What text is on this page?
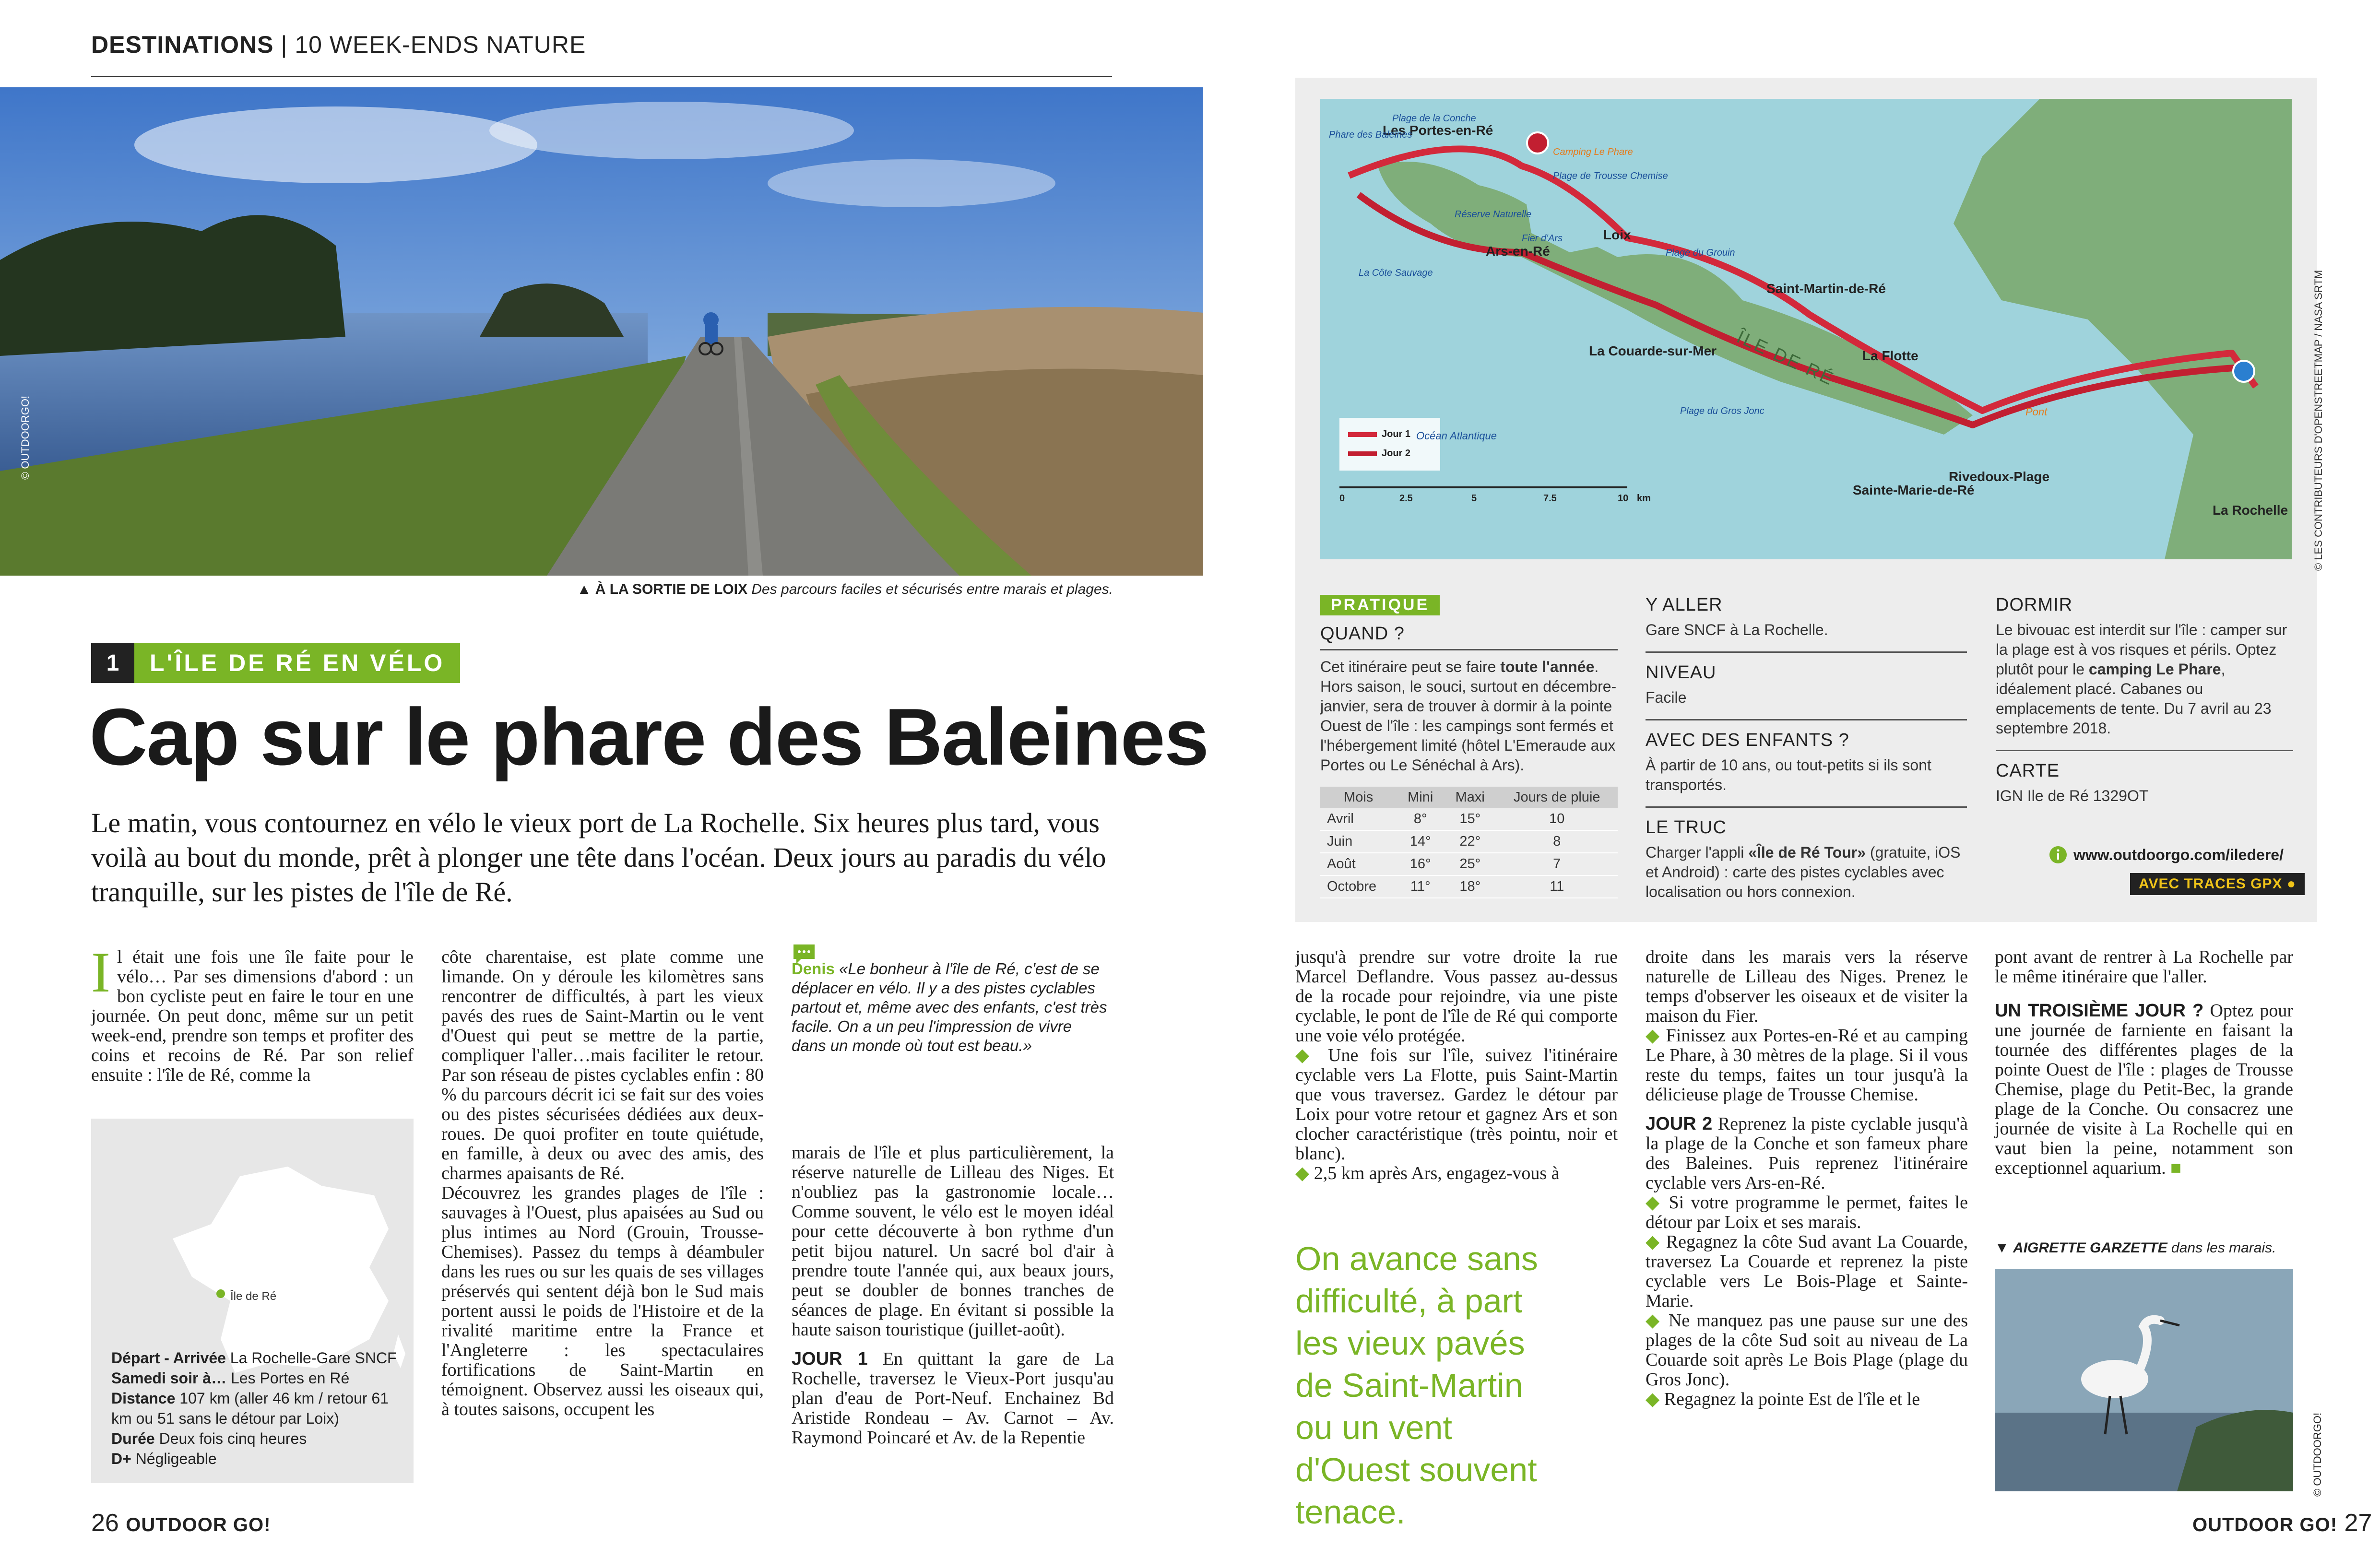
DESTINATIONS | 10 WEEK-ENDS NATURE
© OUTDOORGO!
▲ À LA SORTIE DE LOIX Des parcours faciles et sécurisés entre marais et plages.
1	L'ÎLE DE RÉ EN VÉLO
Cap sur le phare des Baleines
Le matin, vous contournez en vélo le vieux port de La Rochelle. Six heures plus tard, vous voilà au bout du monde, prêt à plonger une tête dans l'océan. Deux jours au paradis du vélo tranquille, sur les pistes de l'île de Ré.

Il était une fois une île faite pour le vélo… Par ses dimensions d'abord : un bon cycliste peut en faire le tour en une journée. On peut donc, même sur un petit week-end, prendre son temps et profiter des coins et recoins de Ré. Par son relief ensuite : l'île de Ré, comme la

Île de Ré
Départ - Arrivée La Rochelle-Gare SNCF
Samedi soir à… Les Portes en Ré
Distance 107 km (aller 46 km / retour 61 km ou 51 sans le détour par Loix)
Durée Deux fois cinq heures
D+ Négligeable

côte charentaise, est plate comme une limande. On y déroule les kilomètres sans rencontrer de difficultés, à part les vieux pavés des rues de Saint-Martin ou le vent d'Ouest qui peut se mettre de la partie, compliquer l'aller…mais faciliter le retour. Par son réseau de pistes cyclables enfin : 80 % du parcours décrit ici se fait sur des voies ou des pistes sécurisées dédiées aux deux-roues. De quoi profiter en toute quiétude, en famille, à deux ou avec des amis, des charmes apaisants de Ré.

Découvrez les grandes plages de l'île : sauvages à l'Ouest, plus apaisées au Sud ou plus intimes au Nord (Grouin, Trousse-Chemises). Passez du temps à déambuler dans les rues ou sur les quais de ses villages préservés qui sentent déjà bon le Sud mais portent aussi le poids de l'Histoire et de la rivalité maritime entre la France et l'Angleterre : les spectaculaires fortifications de Saint-Martin en témoignent. Observez aussi les oiseaux qui, à toutes saisons, occupent les

Denis «Le bonheur à l'île de Ré, c'est de se déplacer en vélo. Il y a des pistes cyclables partout et, même avec des enfants, c'est très facile. On a un peu l'impression de vivre dans un monde où tout est beau.»

marais de l'île et plus particulièrement, la réserve naturelle de Lilleau des Niges. Et n'oubliez pas la gastronomie locale… Comme souvent, le vélo est le moyen idéal pour cette découverte à bon rythme d'un petit bijou naturel. Un sacré bol d'air à prendre toute l'année qui, aux beaux jours, peut se doubler de bonnes tranches de séances de plage. En évitant si possible la haute saison touristique (juillet-août).

JOUR 1 En quittant la gare de La Rochelle, traversez le Vieux-Port jusqu'au plan d'eau de Port-Neuf. Enchainez Bd Aristide Rondeau – Av. Carnot – Av. Raymond Poincaré et Av. de la Repentie

26 OUTDOOR GO!
Les Portes-en-Ré
Plage de la Conche
Phare des Baleines
Camping Le Phare
Plage de Trousse Chemise
Réserve Naturelle
Fier d'Ars
Ars-en-Ré
Loix
Plage du Grouin
La Côte Sauvage
Saint-Martin-de-Ré
La Couarde-sur-Mer ÎLE DE RÉ La Flotte
Océan Atlantique
Plage du Gros Jonc	Pont
Sainte-Marie-de-Ré
Rivedoux-Plage
La Rochelle
Jour 1
Jour 2
0	2.5	5	7.5	10 km	© LES CONTRIBUTEURS D'OPENSTREETMAP / NASA SRTM
PRATIQUE
QUAND ?
Cet itinéraire peut se faire toute l'année. Hors saison, le souci, surtout en décembre-janvier, sera de trouver à dormir à la pointe Ouest de l'île : les campings sont fermés et l'hébergement limité (hôtel L'Emeraude aux Portes ou Le Sénéchal à Ars).
Mois	Mini	Maxi	Jours de pluie
Avril	8°	15°	10
Juin	14°	22°	8
Août	16°	25°	7
Octobre	11°	18°	11
Y ALLER
Gare SNCF à La Rochelle.
NIVEAU
Facile
AVEC DES ENFANTS ?
À partir de 10 ans, ou tout-petits si ils sont transportés.
LE TRUC
Charger l'appli «Île de Ré Tour» (gratuite, iOS et Android) : carte des pistes cyclables avec localisation ou hors connexion.
DORMIR
Le bivouac est interdit sur l'île : camper sur la plage est à vos risques et périls. Optez plutôt pour le camping Le Phare, idéalement placé. Cabanes ou emplacements de tente. Du 7 avril au 23 septembre 2018.
CARTE
IGN Ile de Ré 1329OT
www.outdoorgo.com/iledere/
AVEC TRACES GPX ●

jusqu'à prendre sur votre droite la rue Marcel Deflandre. Vous passez au-dessus de la rocade pour rejoindre, via une piste cyclable, le pont de l'île de Ré qui comporte une voie vélo protégée.

◆ Une fois sur l'île, suivez l'itinéraire cyclable vers La Flotte, puis Saint-Martin que vous traversez. Gardez le détour par Loix pour votre retour et gagnez Ars et son clocher caractéristique (très pointu, noir et blanc).

◆ 2,5 km après Ars, engagez-vous à

On avance sans difficulté, à part les vieux pavés de Saint-Martin ou un vent d'Ouest souvent tenace.

droite dans les marais vers la réserve naturelle de Lilleau des Niges. Prenez le temps d'observer les oiseaux et de visiter la maison du Fier.

◆ Finissez aux Portes-en-Ré et au camping Le Phare, à 30 mètres de la plage. Si il vous reste du temps, faites un tour jusqu'à la délicieuse plage de Trousse Chemise.

JOUR 2 Reprenez la piste cyclable jusqu'à la plage de la Conche et son fameux phare des Baleines. Puis reprenez l'itinéraire cyclable vers Ars-en-Ré.

◆ Si votre programme le permet, faites le détour par Loix et ses marais.

◆ Regagnez la côte Sud avant La Couarde, traversez La Couarde et reprenez la piste cyclable vers Le Bois-Plage et Sainte-Marie.

◆ Ne manquez pas une pause sur une des plages de la côte Sud soit au niveau de La Couarde soit après Le Bois Plage (plage du Gros Jonc).

◆ Regagnez la pointe Est de l'île et le

pont avant de rentrer à La Rochelle par le même itinéraire que l'aller.

UN TROISIÈME JOUR ? Optez pour une journée de farniente en faisant la tournée des différentes plages de la pointe Ouest de l'île : plages de Trousse Chemise, plage du Petit-Bec, la grande plage de la Conche. Ou consacrez une journée de visite à La Rochelle qui en vaut bien la peine, notamment son exceptionnel aquarium. ■

▼ AIGRETTE GARZETTE dans les marais.
© OUTDOORGO!
OUTDOOR GO! 27
